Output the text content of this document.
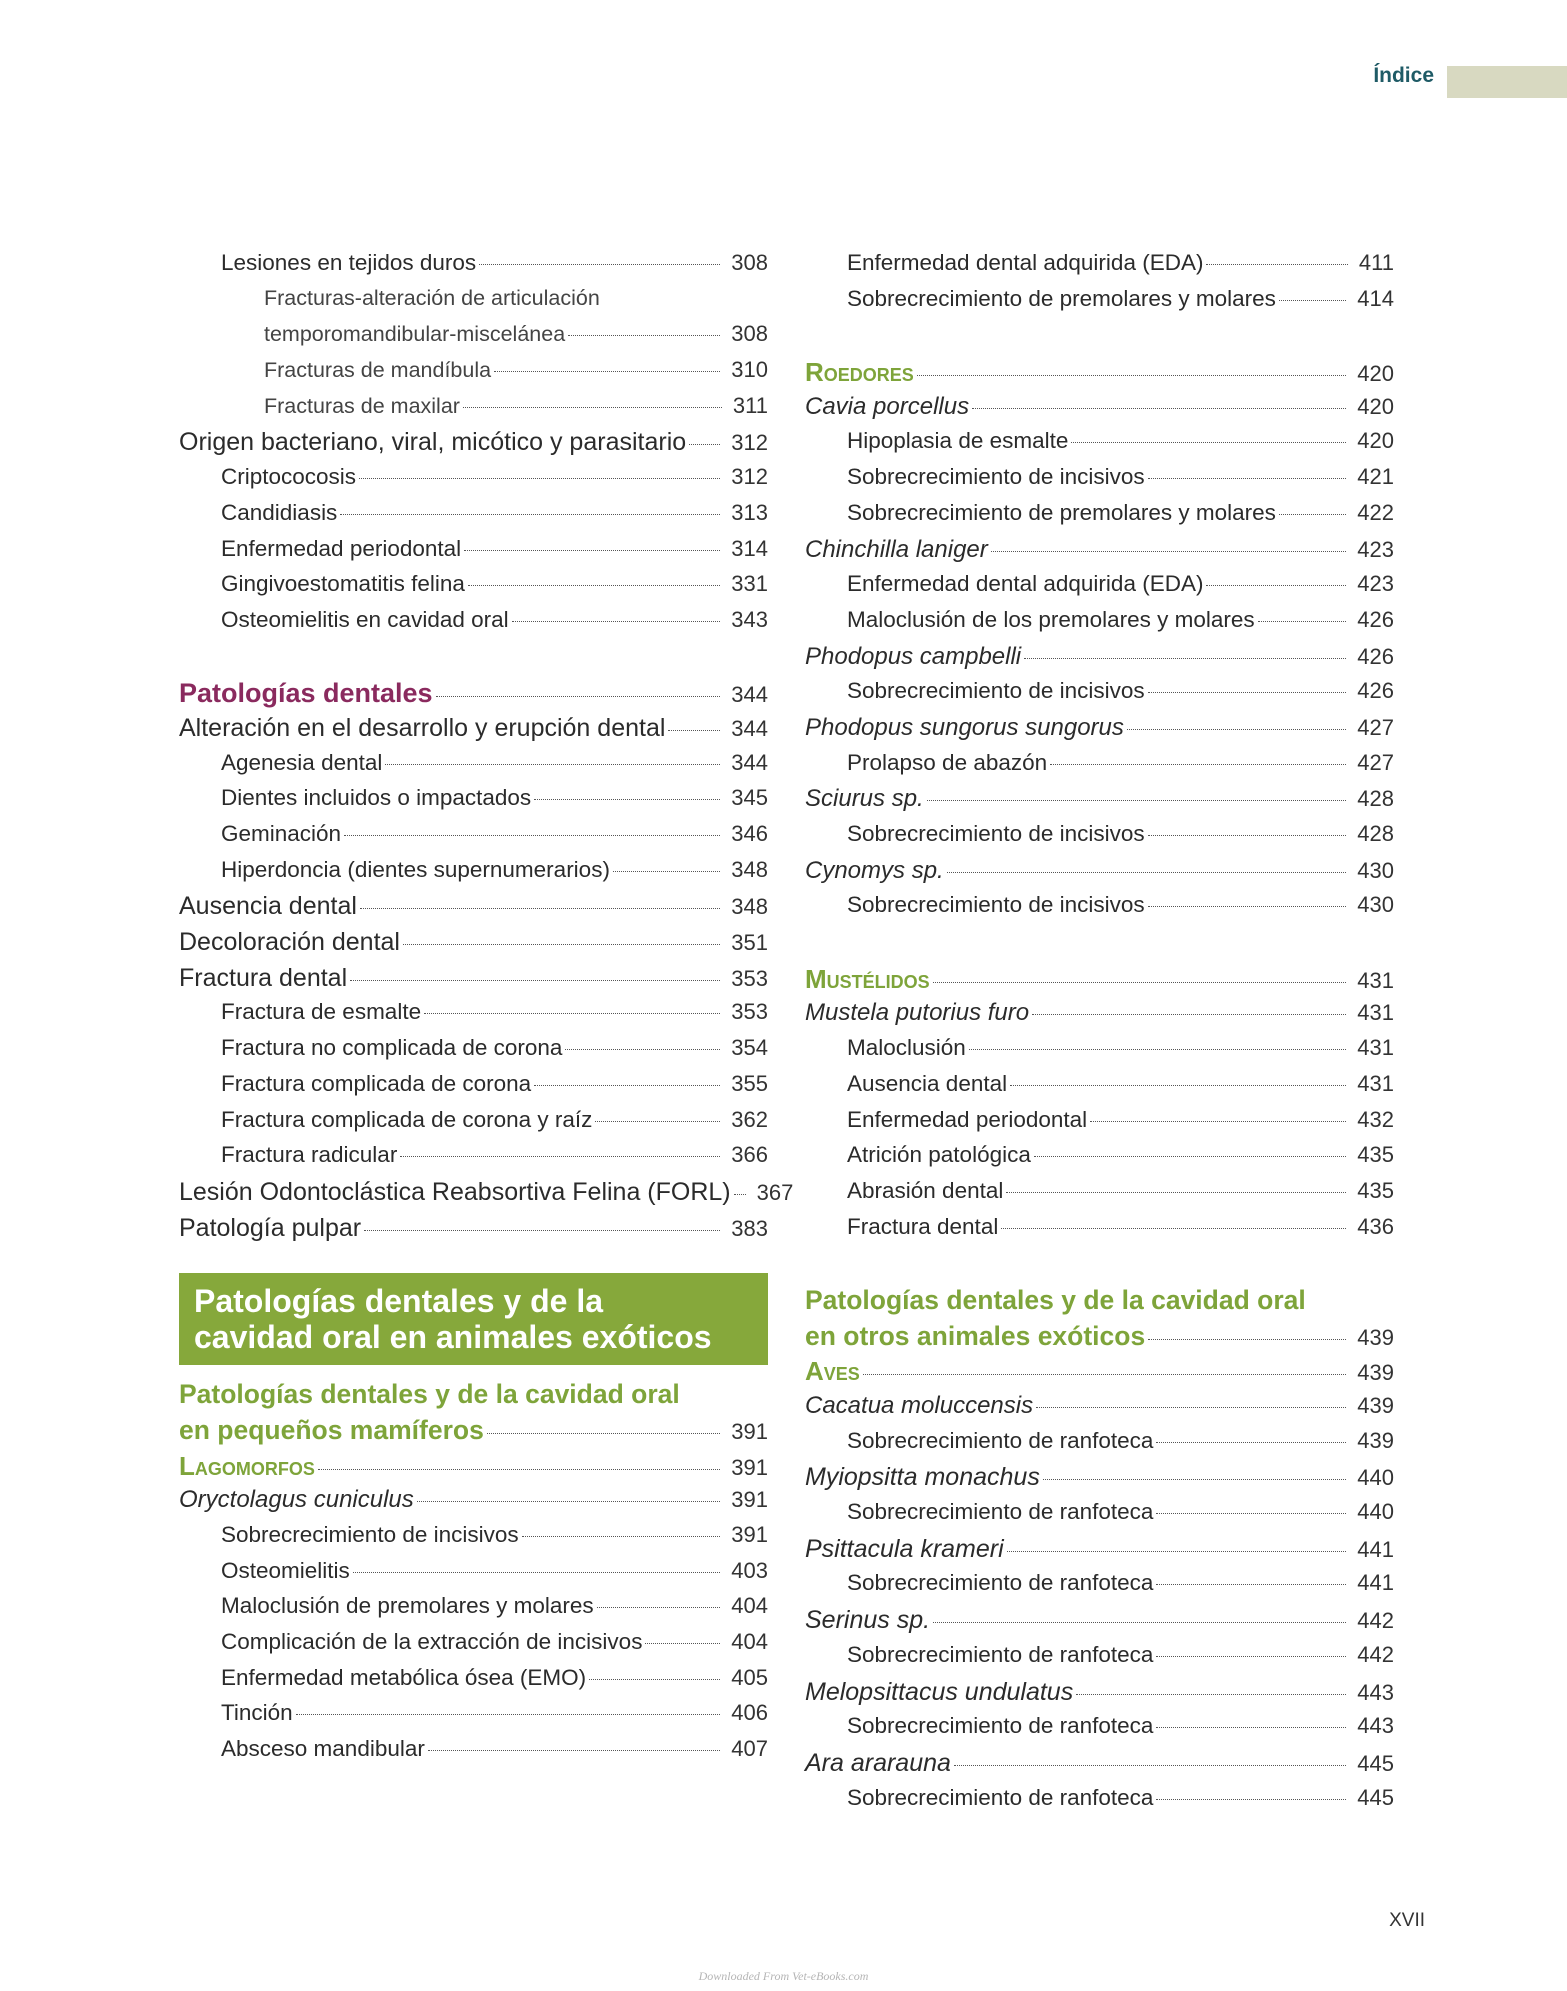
Índice
Lesiones en tejidos duros	308
Fracturas-alteración de articulación
temporomandibular-miscelánea	308
Fracturas de mandíbula	310
Fracturas de maxilar	311
Origen bacteriano, viral, micótico y parasitario 312
Criptococosis	312
Candidiasis	313
Enfermedad periodontal	314
Gingivoestomatitis felina	331
Osteomielitis en cavidad oral	343
Patologías dentales	344
Alteración en el desarrollo y erupción dental	344
Agenesia dental	344
Dientes incluidos o impactados	345
Geminación	346
Hiperdoncia (dientes supernumerarios)	348
Ausencia dental	348
Decoloración dental	351
Fractura dental	353
Fractura de esmalte	353
Fractura no complicada de corona	354
Fractura complicada de corona	355
Fractura complicada de corona y raíz	362
Fractura radicular	366
Lesión Odontoclástica Reabsortiva Felina (FORL) 367
Patología pulpar	383
Patologías dentales y de la
cavidad oral en animales exóticos
Patologías dentales y de la cavidad oral
en pequeños mamíferos	391
Lagomorfos	391
Oryctolagus cuniculus	391
Sobrecrecimiento de incisivos	391
Osteomielitis	403
Maloclusión de premolares y molares	404
Complicación de la extracción de incisivos	404
Enfermedad metabólica ósea (EMO)	405
Tinción	406
Absceso mandibular	407
Enfermedad dental adquirida (EDA)	411
Sobrecrecimiento de premolares y molares	414
Roedores	420
Cavia porcellus	420
Hipoplasia de esmalte	420
Sobrecrecimiento de incisivos	421
Sobrecrecimiento de premolares y molares	422
Chinchilla laniger	423
Enfermedad dental adquirida (EDA)	423
Maloclusión de los premolares y molares	426
Phodopus campbelli	426
Sobrecrecimiento de incisivos	426
Phodopus sungorus sungorus	427
Prolapso de abazón	427
Sciurus sp.	428
Sobrecrecimiento de incisivos	428
Cynomys sp.	430
Sobrecrecimiento de incisivos	430
Mustélidos	431
Mustela putorius furo	431
Maloclusión	431
Ausencia dental	431
Enfermedad periodontal	432
Atrición patológica	435
Abrasión dental	435
Fractura dental	436
Patologías dentales y de la cavidad oral
en otros animales exóticos	439
Aves	439
Cacatua moluccensis	439
Sobrecrecimiento de ranfoteca	439
Myiopsitta monachus	440
Sobrecrecimiento de ranfoteca	440
Psittacula krameri	441
Sobrecrecimiento de ranfoteca	441
Serinus sp.	442
Sobrecrecimiento de ranfoteca	442
Melopsittacus undulatus	443
Sobrecrecimiento de ranfoteca	443
Ara ararauna	445
Sobrecrecimiento de ranfoteca	445
XVII
Downloaded From Vet-eBooks.com
